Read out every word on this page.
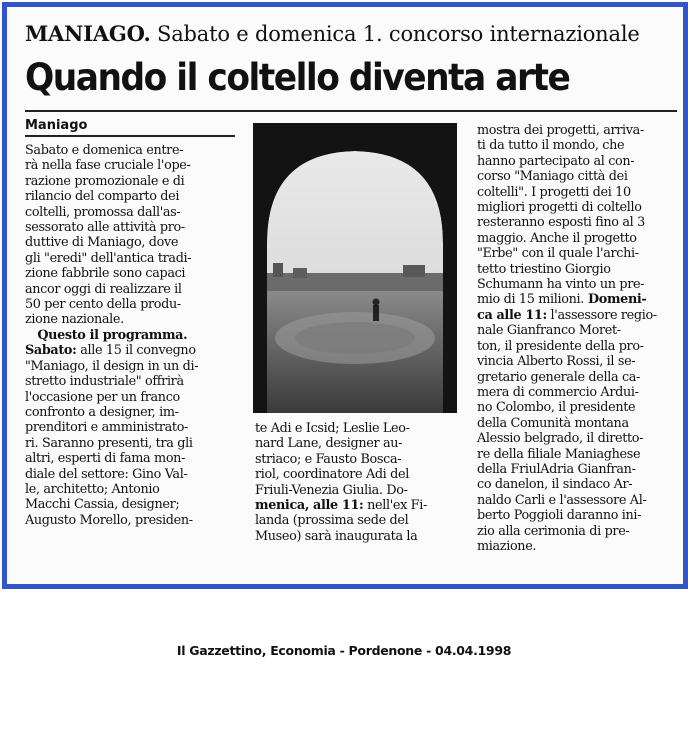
MANIAGO. Sabato e domenica 1. concorso internazionale
Quando il coltello diventa arte
Maniago

Sabato e domenica entre-

rà nella fase cruciale l'ope-

razione promozionale e di

rilancio del comparto dei

coltelli, promossa dall'as-

sessorato alle attività pro-

duttive di Maniago, dove

gli "eredi" dell'antica tradi-

zione fabbrile sono capaci

ancor oggi di realizzare il

50 per cento della produ-

zione nazionale.

Questo il programma.

Sabato: alle 15 il convegno

"Maniago, il design in un di-

stretto industriale" offrirà

l'occasione per un franco

confronto a designer, im-

prenditori e amministrato-

ri. Saranno presenti, tra gli

altri, esperti di fama mon-

diale del settore: Gino Val-

le, architetto; Antonio

Macchi Cassia, designer;

Augusto Morello, presiden-

te Adi e Icsid; Leslie Leo-

nard Lane, designer au-

striaco; e Fausto Bosca-

riol, coordinatore Adi del

Friuli-Venezia Giulia. Do-

menica, alle 11: nell'ex Fi-

landa (prossima sede del

Museo) sarà inaugurata la

mostra dei progetti, arriva-

ti da tutto il mondo, che

hanno partecipato al con-

corso "Maniago città dei

coltelli". I progetti dei 10

migliori progetti di coltello

resteranno esposti fino al 3

maggio. Anche il progetto

"Erbe" con il quale l'archi-

tetto triestino Giorgio

Schumann ha vinto un pre-

mio di 15 milioni. Domeni-

ca alle 11: l'assessore regio-

nale Gianfranco Moret-

ton, il presidente della pro-

vincia Alberto Rossi, il se-

gretario generale della ca-

mera di commercio Ardui-

no Colombo, il presidente

della Comunità montana

Alessio belgrado, il diretto-

re della filiale Maniaghese

della FriulAdria Gianfran-

co danelon, il sindaco Ar-

naldo Carli e l'assessore Al-

berto Poggioli daranno ini-

zio alla cerimonia di pre-

miazione.

Il Gazzettino, Economia - Pordenone - 04.04.1998
